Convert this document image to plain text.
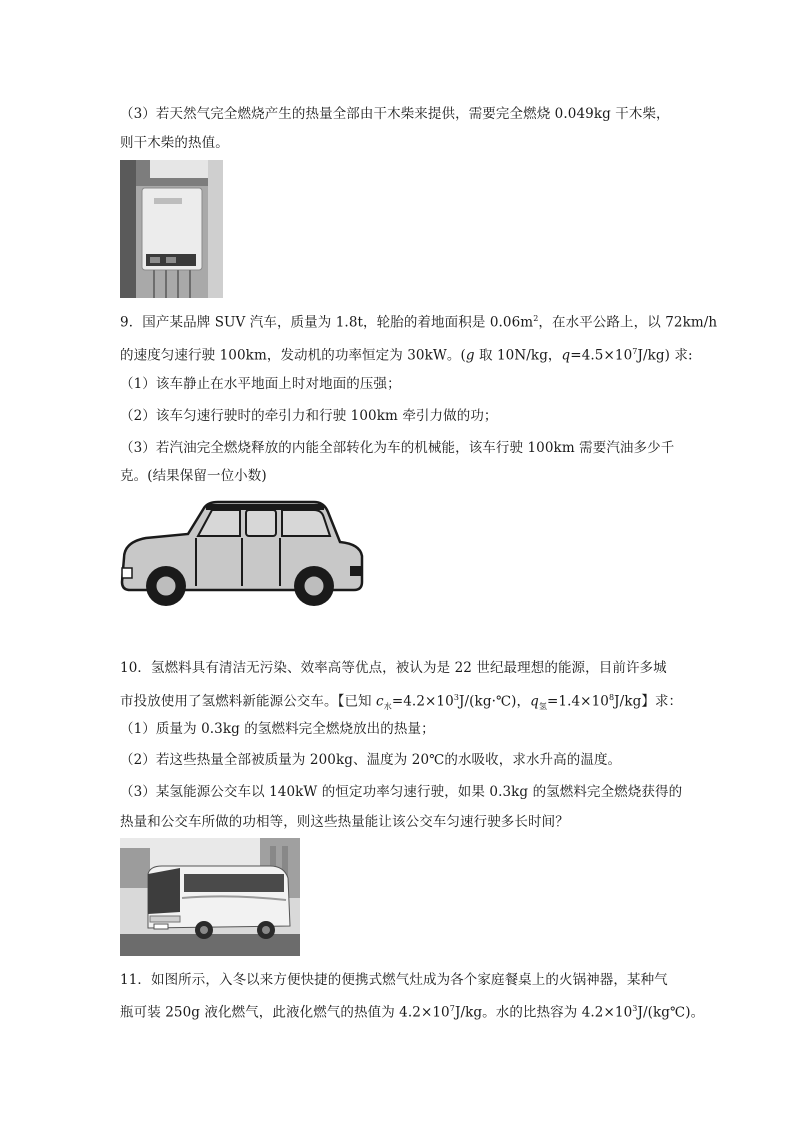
（3）若天然气完全燃烧产生的热量全部由干木柴来提供，需要完全燃烧 0.049kg 干木柴，
则干木柴的热值。
9．国产某品牌 SUV 汽车，质量为 1.8t，轮胎的着地面积是 $0.06m^2$，在水平公路上，以 72km/h
的速度匀速行驶 100km，发动机的功率恒定为 30kW。(g 取 10N/kg，$q=4.5\times 10^7J/kg$) 求:
（1）该车静止在水平地面上时对地面的压强；
（2）该车匀速行驶时的牵引力和行驶 100km 牵引力做的功；
（3）若汽油完全燃烧释放的内能全部转化为车的机械能，该车行驶 100km 需要汽油多少千
克。(结果保留一位小数)
10．氢燃料具有清洁无污染、效率高等优点，被认为是 22 世纪最理想的能源，目前许多城
市投放使用了氢燃料新能源公交车。【已知 $c_水=4.2\times 10^3J/(kg\cdot℃)$，$q_氢=1.4\times 10^8J/kg$】求：
（1）质量为 0.3kg 的氢燃料完全燃烧放出的热量；
（2）若这些热量全部被质量为 200kg、温度为 20℃的水吸收，求水升高的温度。
（3）某氢能源公交车以 140kW 的恒定功率匀速行驶，如果 0.3kg 的氢燃料完全燃烧获得的
热量和公交车所做的功相等，则这些热量能让该公交车匀速行驶多长时间？
11．如图所示，入冬以来方便快捷的便携式燃气灶成为各个家庭餐桌上的火锅神器，某种气
瓶可装 250g 液化燃气，此液化燃气的热值为 $4.2\times 10^7J/kg$。水的比热容为 $4.2\times 10^3J/(kg℃)$。
